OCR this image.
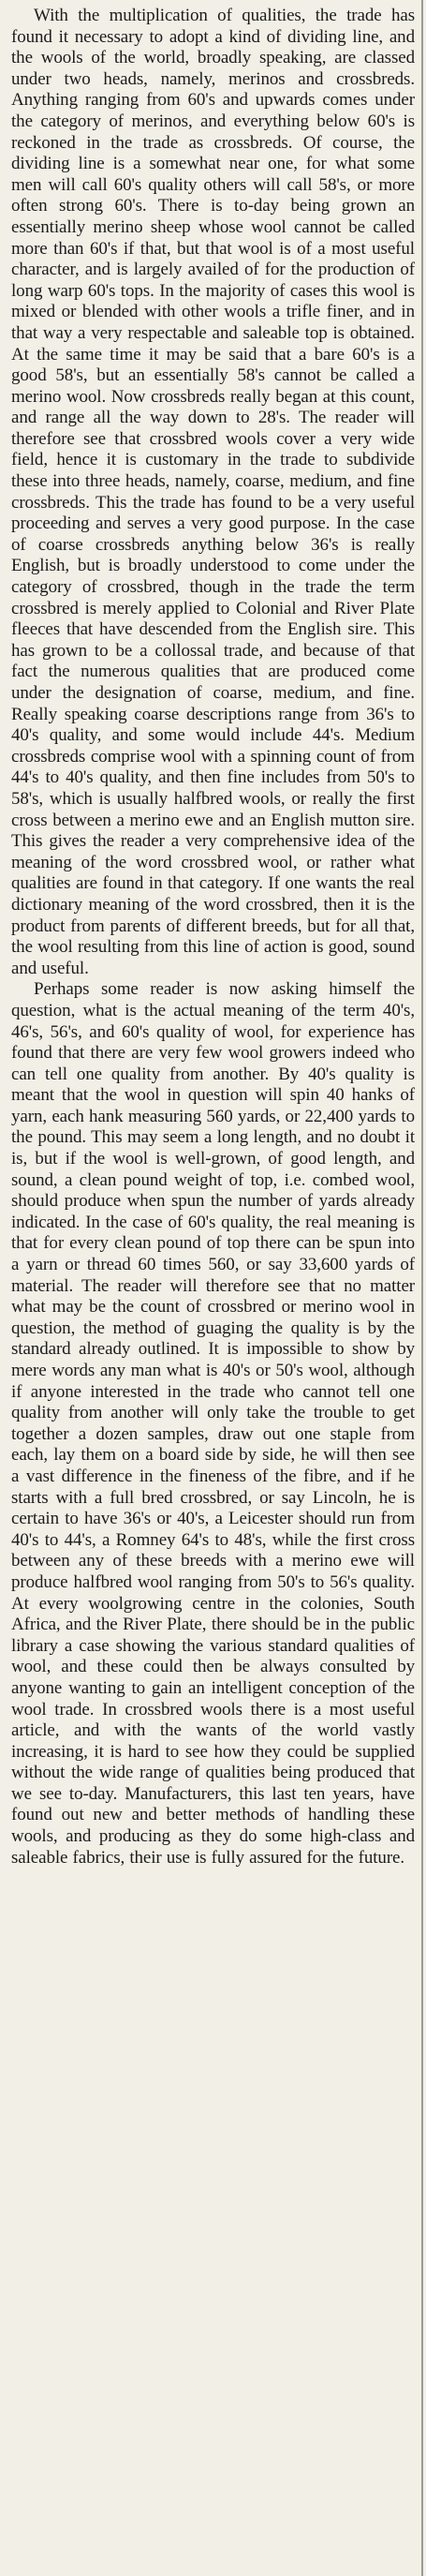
With the multiplication of qualities, the trade has found it necessary to adopt a kind of dividing line, and the wools of the world, broadly speaking, are classed under two heads, namely, merinos and crossbreds. Anything ranging from 60's and upwards comes under the category of merinos, and everything below 60's is reckoned in the trade as crossbreds. Of course, the dividing line is a somewhat near one, for what some men will call 60's quality others will call 58's, or more often strong 60's. There is to-day being grown an essentially merino sheep whose wool cannot be called more than 60's if that, but that wool is of a most useful character, and is largely availed of for the production of long warp 60's tops. In the majority of cases this wool is mixed or blended with other wools a trifle finer, and in that way a very respectable and saleable top is obtained. At the same time it may be said that a bare 60's is a good 58's, but an essentially 58's cannot be called a merino wool. Now crossbreds really began at this count, and range all the way down to 28's. The reader will therefore see that crossbred wools cover a very wide field, hence it is customary in the trade to subdivide these into three heads, namely, coarse, medium, and fine crossbreds. This the trade has found to be a very useful proceeding and serves a very good purpose. In the case of coarse crossbreds anything below 36's is really English, but is broadly understood to come under the category of crossbred, though in the trade the term crossbred is merely applied to Colonial and River Plate fleeces that have descended from the English sire. This has grown to be a collossal trade, and because of that fact the numerous qualities that are produced come under the designation of coarse, medium, and fine. Really speaking coarse descriptions range from 36's to 40's quality, and some would include 44's. Medium crossbreds comprise wool with a spinning count of from 44's to 40's quality, and then fine includes from 50's to 58's, which is usually halfbred wools, or really the first cross between a merino ewe and an English mutton sire. This gives the reader a very comprehensive idea of the meaning of the word crossbred wool, or rather what qualities are found in that category. If one wants the real dictionary meaning of the word crossbred, then it is the product from parents of different breeds, but for all that, the wool resulting from this line of action is good, sound and useful.

Perhaps some reader is now asking himself the question, what is the actual meaning of the term 40's, 46's, 56's, and 60's quality of wool, for experience has found that there are very few wool growers indeed who can tell one quality from another. By 40's quality is meant that the wool in question will spin 40 hanks of yarn, each hank measuring 560 yards, or 22,400 yards to the pound. This may seem a long length, and no doubt it is, but if the wool is well-grown, of good length, and sound, a clean pound weight of top, i.e. combed wool, should produce when spun the number of yards already indicated. In the case of 60's quality, the real meaning is that for every clean pound of top there can be spun into a yarn or thread 60 times 560, or say 33,600 yards of material. The reader will therefore see that no matter what may be the count of crossbred or merino wool in question, the method of guaging the quality is by the standard already outlined. It is impossible to show by mere words any man what is 40's or 50's wool, although if anyone interested in the trade who cannot tell one quality from another will only take the trouble to get together a dozen samples, draw out one staple from each, lay them on a board side by side, he will then see a vast difference in the fineness of the fibre, and if he starts with a full bred crossbred, or say Lincoln, he is certain to have 36's or 40's, a Leicester should run from 40's to 44's, a Romney 64's to 48's, while the first cross between any of these breeds with a merino ewe will produce halfbred wool ranging from 50's to 56's quality. At every woolgrowing centre in the colonies, South Africa, and the River Plate, there should be in the public library a case showing the various standard qualities of wool, and these could then be always consulted by anyone wanting to gain an intelligent conception of the wool trade. In crossbred wools there is a most useful article, and with the wants of the world vastly increasing, it is hard to see how they could be supplied without the wide range of qualities being produced that we see to-day. Manufacturers, this last ten years, have found out new and better methods of handling these wools, and producing as they do some high-class and saleable fabrics, their use is fully assured for the future.
